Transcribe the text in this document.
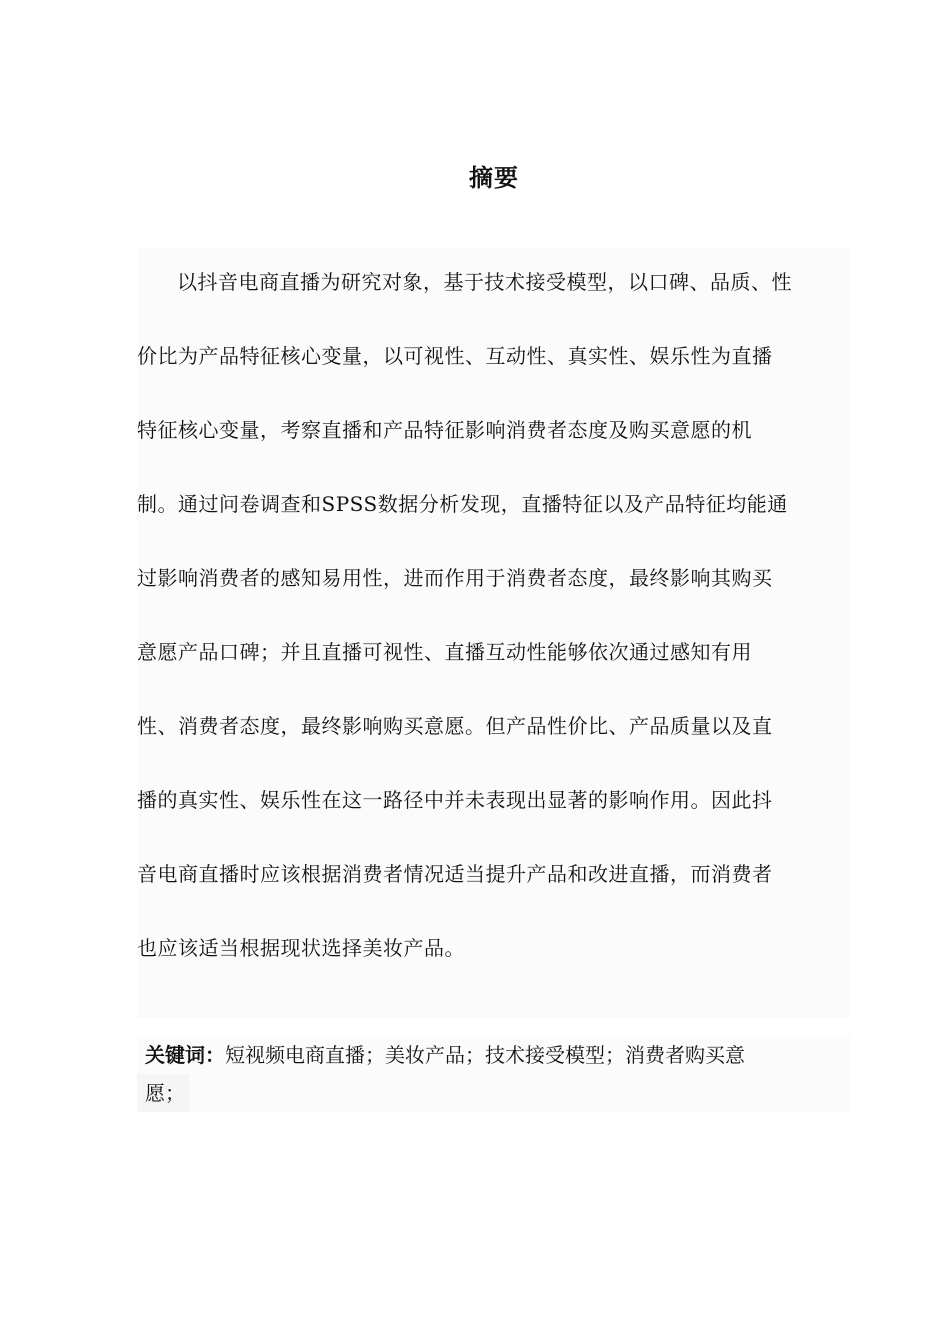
摘要
以抖音电商直播为研究对象，基于技术接受模型，以口碑、品质、性
价比为产品特征核心变量，以可视性、互动性、真实性、娱乐性为直播
特征核心变量，考察直播和产品特征影响消费者态度及购买意愿的机
制。通过问卷调查和SPSS数据分析发现，直播特征以及产品特征均能通
过影响消费者的感知易用性，进而作用于消费者态度，最终影响其购买
意愿产品口碑；并且直播可视性、直播互动性能够依次通过感知有用
性、消费者态度，最终影响购买意愿。但产品性价比、产品质量以及直
播的真实性、娱乐性在这一路径中并未表现出显著的影响作用。因此抖
音电商直播时应该根据消费者情况适当提升产品和改进直播，而消费者
也应该适当根据现状选择美妆产品。
关键词：短视频电商直播；美妆产品；技术接受模型；消费者购买意
愿；
